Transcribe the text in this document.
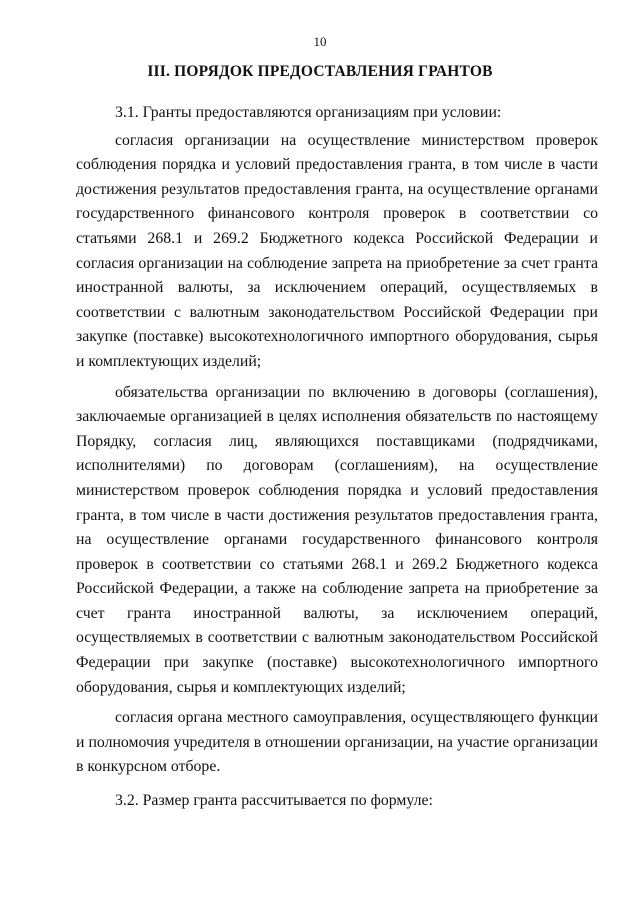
10
III. ПОРЯДОК ПРЕДОСТАВЛЕНИЯ ГРАНТОВ

3.1. Гранты предоставляются организациям при условии:

согласия организации на осуществление министерством проверок соблюдения порядка и условий предоставления гранта, в том числе в части достижения результатов предоставления гранта, на осуществление органами государственного финансового контроля проверок в соответствии со статьями 268.1 и 269.2 Бюджетного кодекса Российской Федерации и согласия организации на соблюдение запрета на приобретение за счет гранта иностранной валюты, за исключением операций, осуществляемых в соответствии с валютным законодательством Российской Федерации при закупке (поставке) высокотехнологичного импортного оборудования, сырья и комплектующих изделий;

обязательства организации по включению в договоры (соглашения), заключаемые организацией в целях исполнения обязательств по настоящему Порядку, согласия лиц, являющихся поставщиками (подрядчиками, исполнителями) по договорам (соглашениям), на осуществление министерством проверок соблюдения порядка и условий предоставления гранта, в том числе в части достижения результатов предоставления гранта, на осуществление органами государственного финансового контроля проверок в соответствии со статьями 268.1 и 269.2 Бюджетного кодекса Российской Федерации, а также на соблюдение запрета на приобретение за счет гранта иностранной валюты, за исключением операций, осуществляемых в соответствии с валютным законодательством Российской Федерации при закупке (поставке) высокотехнологичного импортного оборудования, сырья и комплектующих изделий;

согласия органа местного самоуправления, осуществляющего функции и полномочия учредителя в отношении организации, на участие организации в конкурсном отборе.

3.2. Размер гранта рассчитывается по формуле:
